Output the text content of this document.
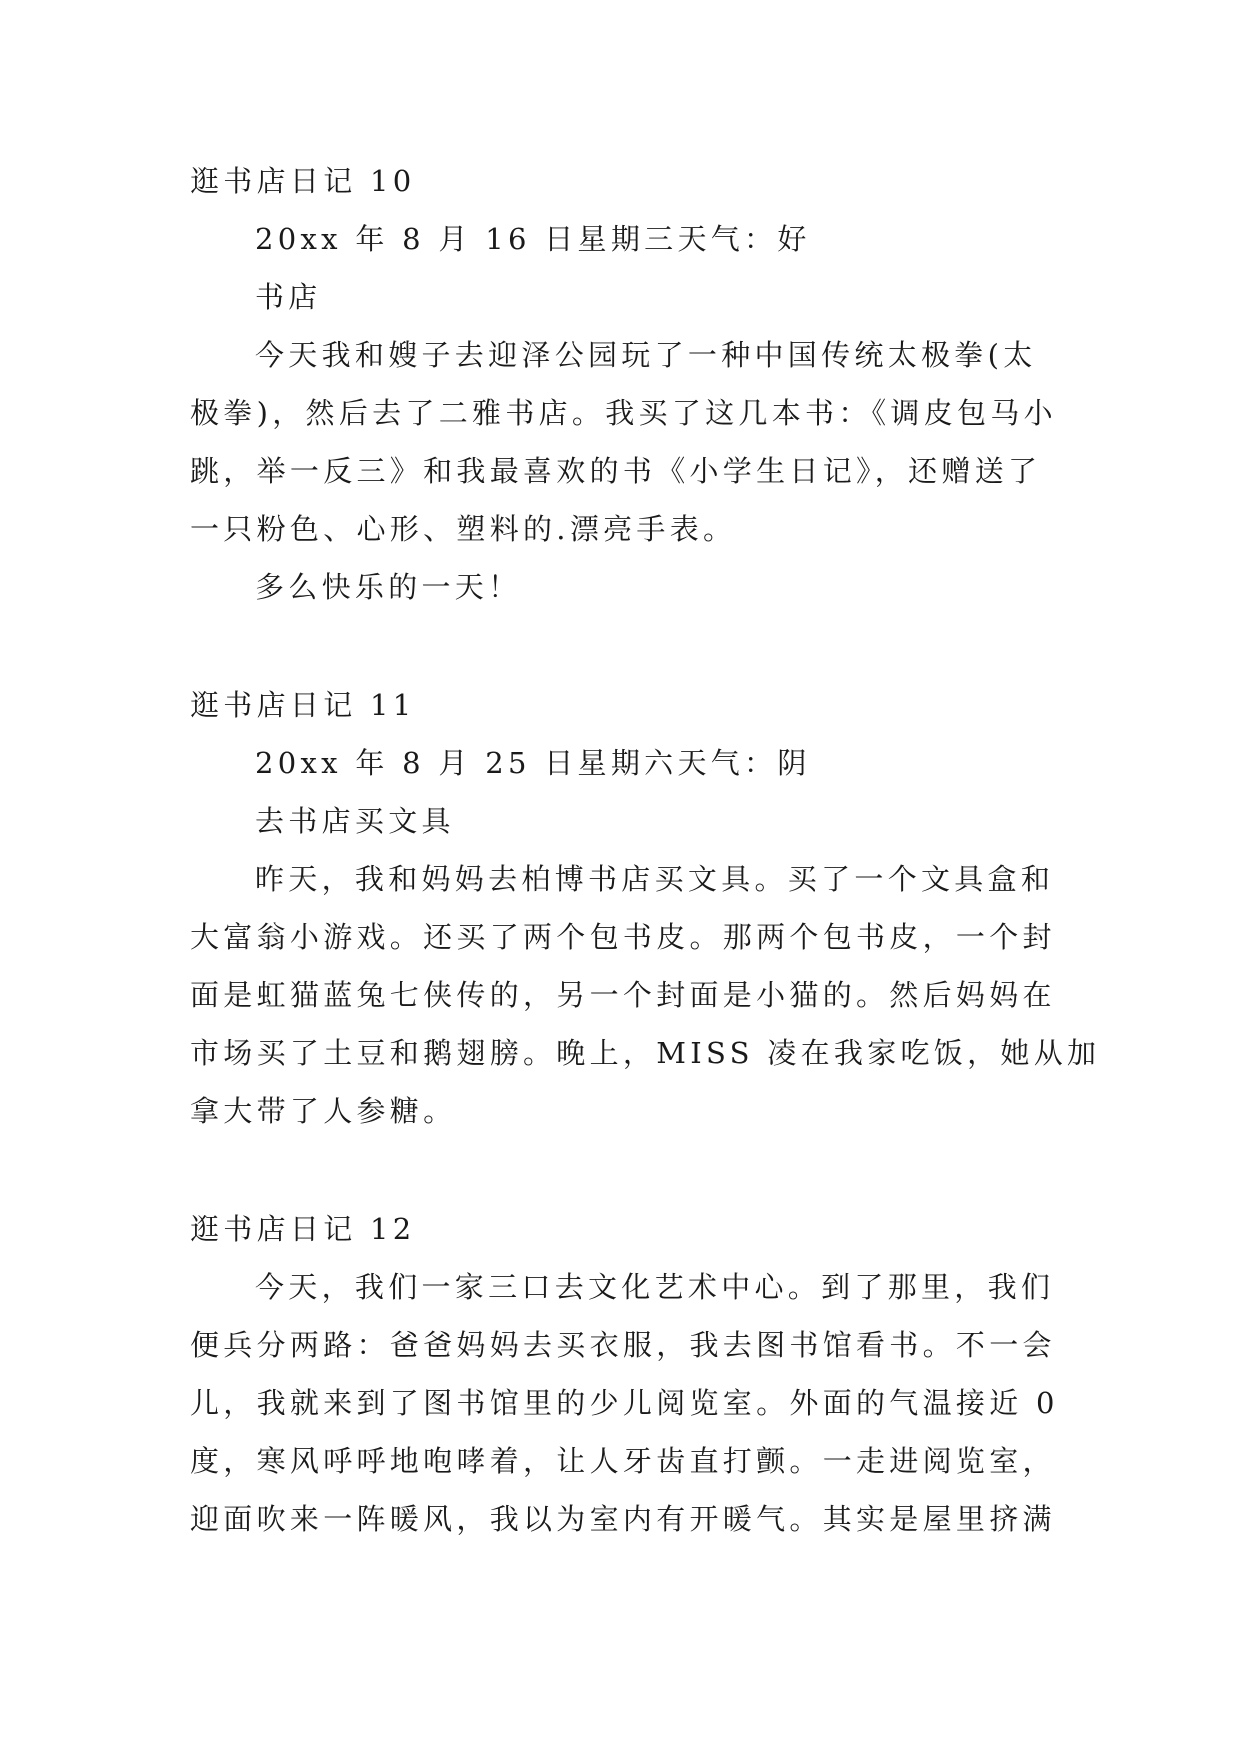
逛书店日记 10
20xx 年 8 月 16 日星期三天气：好
书店
今天我和嫂子去迎泽公园玩了一种中国传统太极拳(太
极拳)，然后去了二雅书店。我买了这几本书：《调皮包马小
跳，举一反三》和我最喜欢的书《小学生日记》，还赠送了
一只粉色、心形、塑料的.漂亮手表。
多么快乐的一天！
逛书店日记 11
20xx 年 8 月 25 日星期六天气：阴
去书店买文具
昨天，我和妈妈去柏博书店买文具。买了一个文具盒和
大富翁小游戏。还买了两个包书皮。那两个包书皮，一个封
面是虹猫蓝兔七侠传的，另一个封面是小猫的。然后妈妈在
市场买了土豆和鹅翅膀。晚上，MISS 凌在我家吃饭，她从加
拿大带了人参糖。
逛书店日记 12
今天，我们一家三口去文化艺术中心。到了那里，我们
便兵分两路：爸爸妈妈去买衣服，我去图书馆看书。不一会
儿，我就来到了图书馆里的少儿阅览室。外面的气温接近 0
度，寒风呼呼地咆哮着，让人牙齿直打颤。一走进阅览室，
迎面吹来一阵暖风，我以为室内有开暖气。其实是屋里挤满
